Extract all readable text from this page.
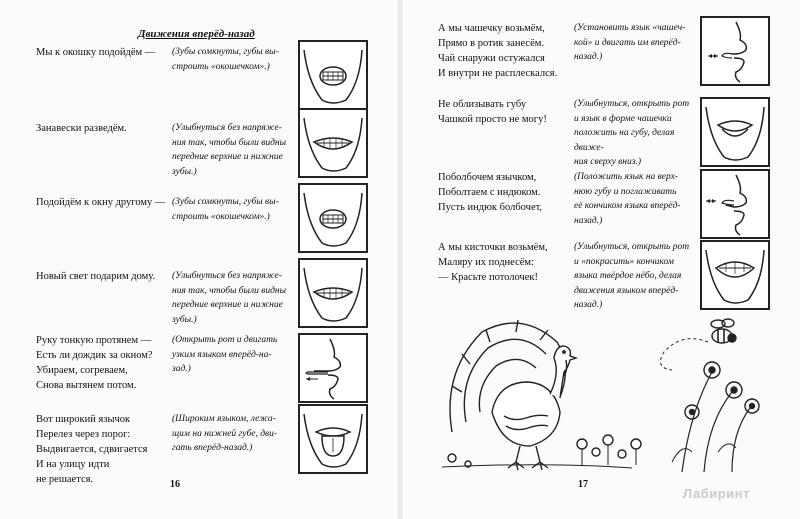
Движения вперёд-назад
Мы к окошку подойдём —	(Зубы сомкнуты, губы вы-
строить «окошечком».)
Занавески разведём.	(Улыбнуться без напряже-
ния так, чтобы были видны
передние верхние и нижние
зубы.)
Подойдём к окну другому — (Зубы сомкнуты, губы вы-
строить «окошечком».)
Новый свет подарим дому.	(Улыбнуться без напряже-
ния так, чтобы были видны
передние верхние и нижние
зубы.)
Руку тонкую протянем —
Есть ли дождик за окном?
Убираем, согреваем,
Снова вытянем потом.
(Открыть рот и двигать
узким языком вперёд-на-
зад.)
Вот широкий язычок
Перелез через порог:
Выдвигается, сдвигается
И на улицу идти
не решается.
(Широким языком, лежа-
щим на нижней губе, дви-
гать вперёд-назад.)
16
А мы чашечку возьмём,
Прямо в ротик занесём.
Чай снаружи остужался
И внутри не расплескался.
(Установить язык «чашеч-
кой» и двигать им вперёд-
назад.)
Не облизывать губу
Чашкой просто не могу!
(Улыбнуться, открыть рот
и язык в форме чашечки
положить на губу, делая движе-
ния сверху вниз.)
Поболбочем язычком,
Поболтаем с индюком.
Пусть индюк болбочет,
(Положить язык на верх-
нюю губу и поглаживать
её кончиком языка вперёд-
назад.)
А мы кисточки возьмём,
Маляру их поднесём:
— Красьте потолочек!
(Улыбнуться, открыть рот
и «покрасить» кончиком
языка твёрдое нёбо, делая
движения языком вперёд-
назад.)
17
Лабиринт
